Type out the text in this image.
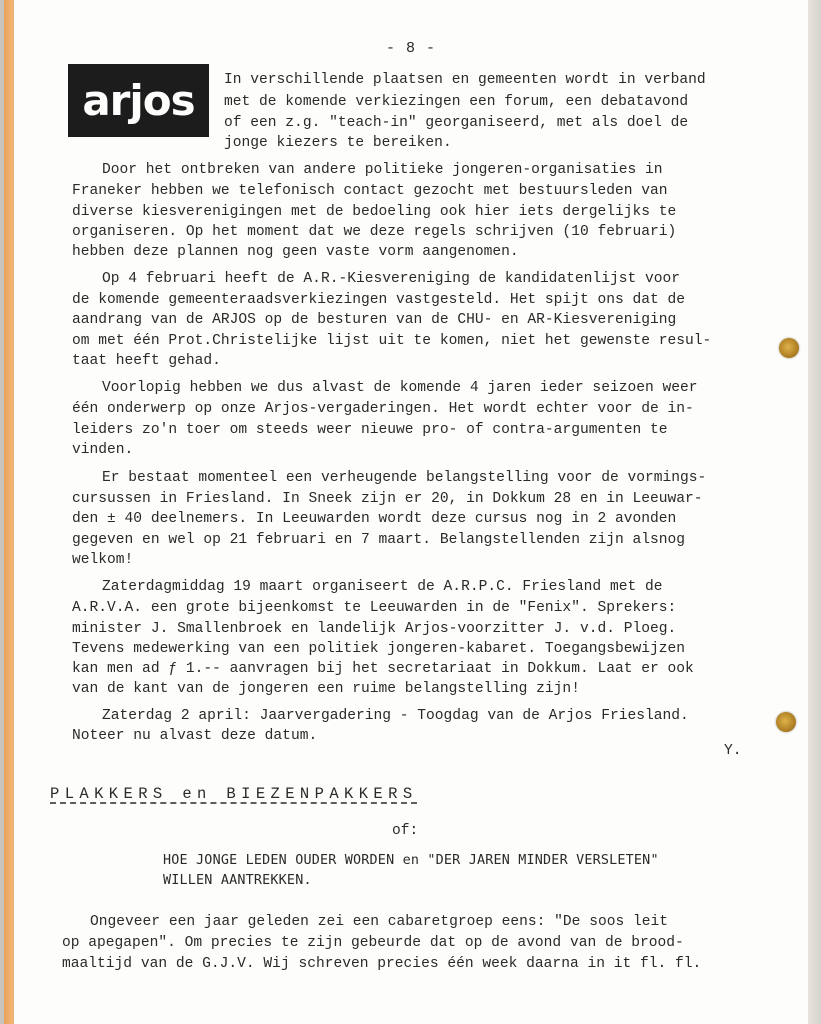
- 8 -
arjos In verschillende plaatsen en gemeenten wordt in verband
met de komende verkiezingen een forum, een debatavond
of een z.g. "teach-in" georganiseerd, met als doel de
jonge kiezers te bereiken.
Door het ontbreken van andere politieke jongeren-organisaties in
Franeker hebben we telefonisch contact gezocht met bestuursleden van
diverse kiesverenigingen met de bedoeling ook hier iets dergelijks te
organiseren. Op het moment dat we deze regels schrijven (10 februari)
hebben deze plannen nog geen vaste vorm aangenomen.
Op 4 februari heeft de A.R.-Kiesvereniging de kandidatenlijst voor
de komende gemeenteraadsverkiezingen vastgesteld. Het spijt ons dat de
aandrang van de ARJOS op de besturen van de CHU- en AR-Kiesvereniging
om met één Prot.Christelijke lijst uit te komen, niet het gewenste resul-
taat heeft gehad.
Voorlopig hebben we dus alvast de komende 4 jaren ieder seizoen weer
één onderwerp op onze Arjos-vergaderingen. Het wordt echter voor de in-
leiders zo'n toer om steeds weer nieuwe pro- of contra-argumenten te
vinden.
Er bestaat momenteel een verheugende belangstelling voor de vormings-
cursussen in Friesland. In Sneek zijn er 20, in Dokkum 28 en in Leeuwar-
den ± 40 deelnemers. In Leeuwarden wordt deze cursus nog in 2 avonden
gegeven en wel op 21 februari en 7 maart. Belangstellenden zijn alsnog
welkom!
Zaterdagmiddag 19 maart organiseert de A.R.P.C. Friesland met de
A.R.V.A. een grote bijeenkomst te Leeuwarden in de "Fenix". Sprekers:
minister J. Smallenbroek en landelijk Arjos-voorzitter J. v.d. Ploeg.
Tevens medewerking van een politiek jongeren-kabaret. Toegangsbewijzen
kan men ad ƒ 1.-- aanvragen bij het secretariaat in Dokkum. Laat er ook
van de kant van de jongeren een ruime belangstelling zijn!
Zaterdag 2 april: Jaarvergadering - Toogdag van de Arjos Friesland.
Noteer nu alvast deze datum.
Y.
PLAKKERS en BIEZENPAKKERS
of:
HOE JONGE LEDEN OUDER WORDEN en "DER JAREN MINDER VERSLETEN"
WILLEN AANTREKKEN.
Ongeveer een jaar geleden zei een cabaretgroep eens: "De soos leit
op apegapen". Om precies te zijn gebeurde dat op de avond van de brood-
maaltijd van de G.J.V. Wij schreven precies één week daarna in it fl. fl.
